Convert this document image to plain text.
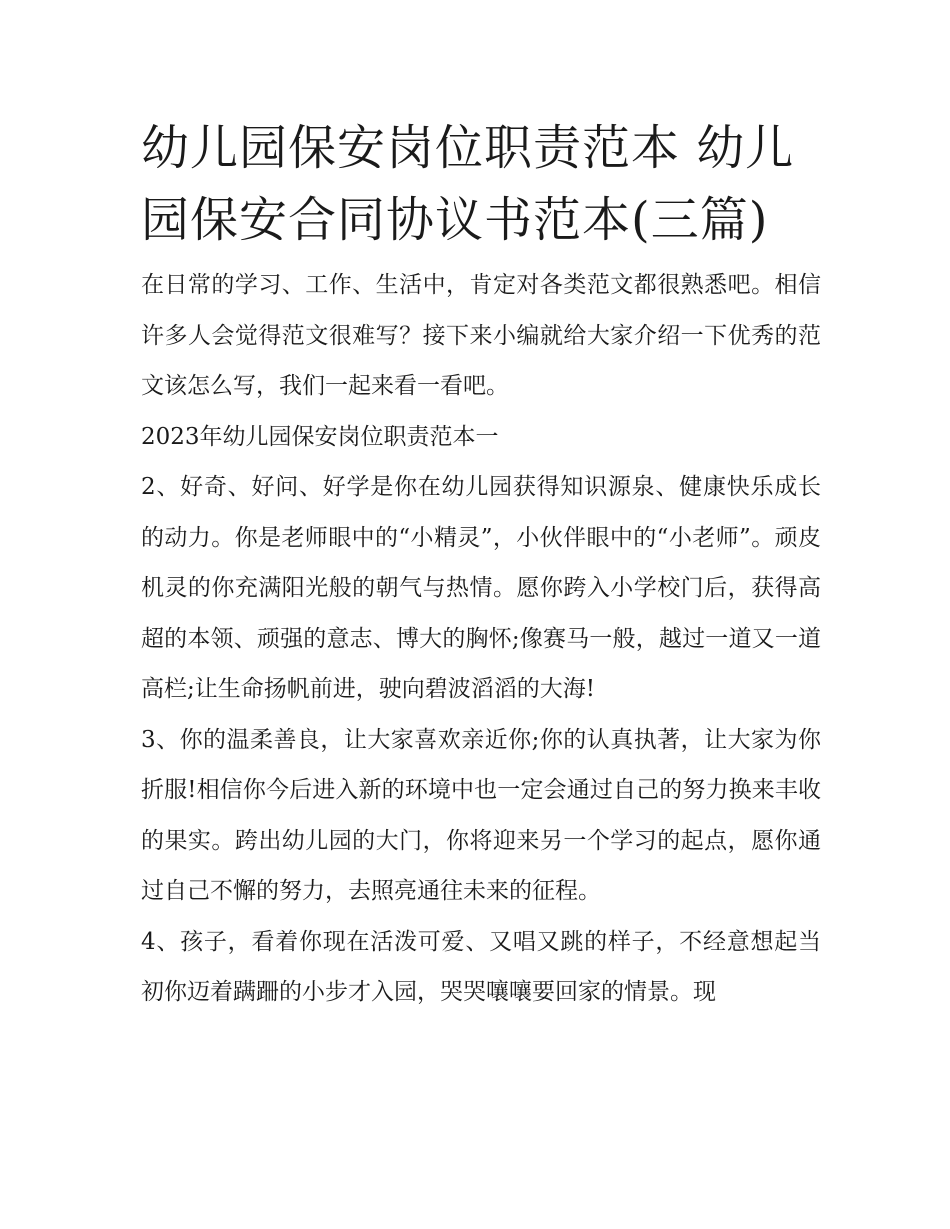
幼儿园保安岗位职责范本 幼儿园保安合同协议书范本(三篇)

在日常的学习、工作、生活中，肯定对各类范文都很熟悉吧。相信许多人会觉得范文很难写？接下来小编就给大家介绍一下优秀的范文该怎么写，我们一起来看一看吧。

2023年幼儿园保安岗位职责范本一

2、好奇、好问、好学是你在幼儿园获得知识源泉、健康快乐成长的动力。你是老师眼中的“小精灵”，小伙伴眼中的“小老师”。顽皮机灵的你充满阳光般的朝气与热情。愿你跨入小学校门后，获得高超的本领、顽强的意志、博大的胸怀;像赛马一般，越过一道又一道高栏;让生命扬帆前进，驶向碧波滔滔的大海!

3、你的温柔善良，让大家喜欢亲近你;你的认真执著，让大家为你折服!相信你今后进入新的环境中也一定会通过自己的努力换来丰收的果实。跨出幼儿园的大门，你将迎来另一个学习的起点，愿你通过自己不懈的努力，去照亮通往未来的征程。

4、孩子，看着你现在活泼可爱、又唱又跳的样子，不经意想起当初你迈着蹒跚的小步才入园，哭哭嚷嚷要回家的情景。现
